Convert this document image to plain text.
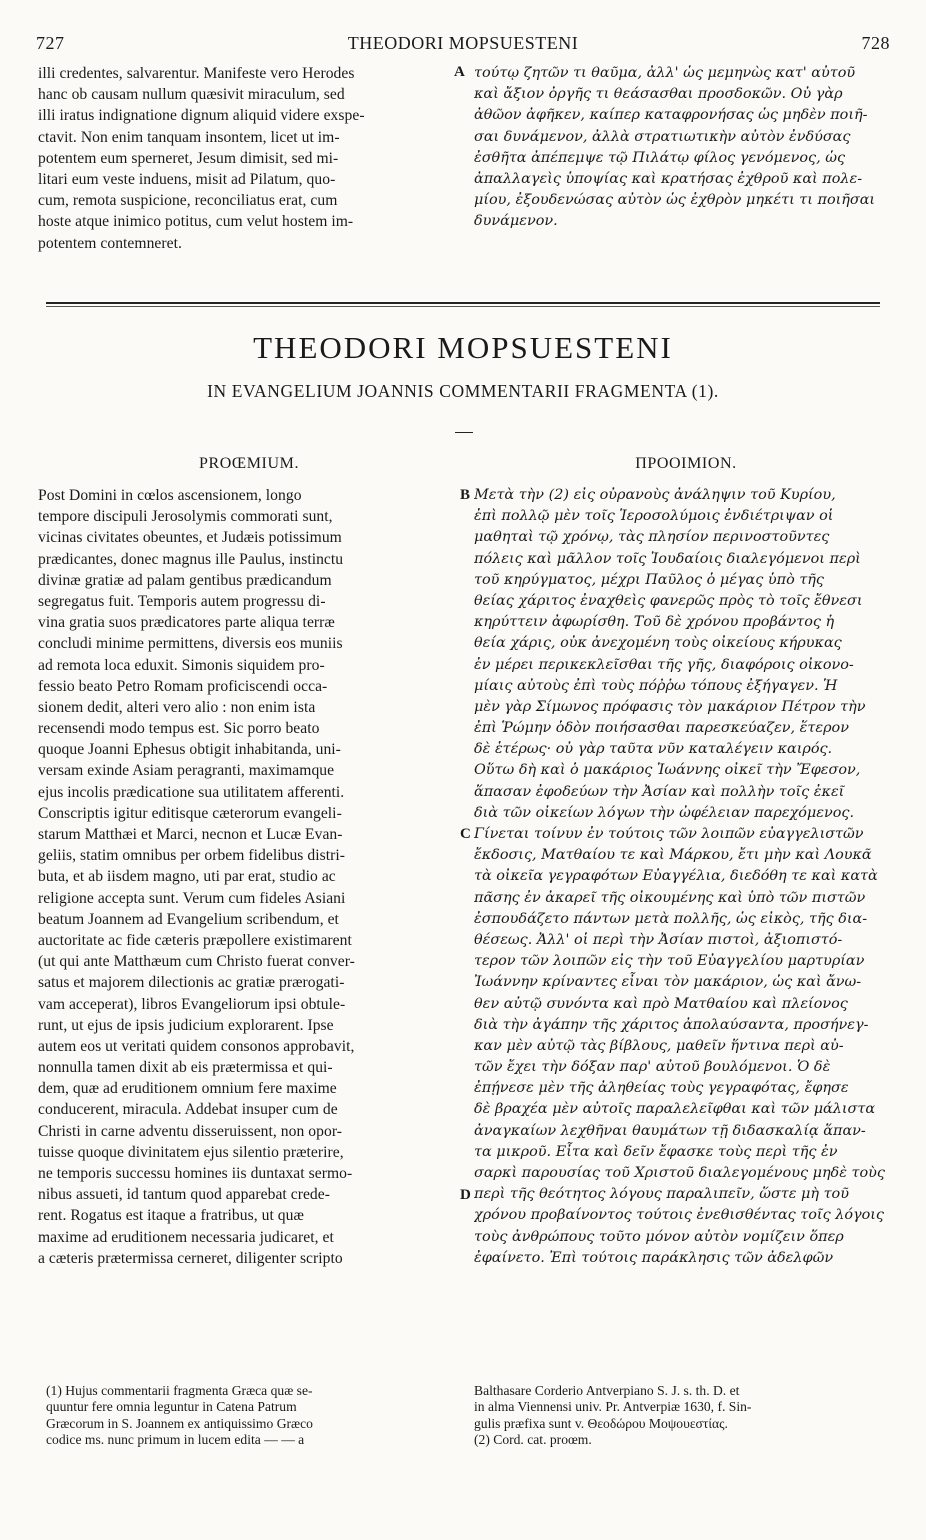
727	THEODORI MOPSUESTENI	728
illi credentes, salvarentur. Manifeste vero Herodes
hanc ob causam nullum quæsivit miraculum, sed
illi iratus indignatione dignum aliquid videre exspe-
ctavit. Non enim tanquam insontem, licet ut im-
potentem eum sperneret, Jesum dimisit, sed mi-
litari eum veste induens, misit ad Pilatum, quo-
cum, remota suspicione, reconciliatus erat, cum
hoste atque inimico potitus, cum velut hostem im-
potentem contemneret.
A τούτῳ ζητῶν τι θαῦμα, ἀλλ' ὡς μεμηνὼς κατ' αὐτοῦ
καὶ ἄξιον ὀργῆς τι θεάσασθαι προσδοκῶν. Οὐ γὰρ
ἀθῶον ἀφῆκεν, καίπερ καταφρονήσας ὡς μηδὲν ποιῆ-
σαι δυνάμενον, ἀλλὰ στρατιωτικὴν αὐτὸν ἐνδύσας
ἐσθῆτα ἀπέπεμψε τῷ Πιλάτῳ φίλος γενόμενος, ὡς
ἀπαλλαγεὶς ὑποψίας καὶ κρατήσας ἐχθροῦ καὶ πολε-
μίου, ἐξουδενώσας αὐτὸν ὡς ἐχθρὸν μηκέτι τι ποιῆσαι
δυνάμενον.
THEODORI MOPSUESTENI
IN EVANGELIUM JOANNIS COMMENTARII FRAGMENTA (1).
PROŒMIUM.	ΠΡΟΟΙΜΙΟΝ.
Post Domini in cœlos ascensionem, longo
tempore discipuli Jerosolymis commorati sunt,
vicinas civitates obeuntes, et Judæis potissimum
prædicantes, donec magnus ille Paulus, instinctu
divinæ gratiæ ad palam gentibus prædicandum
segregatus fuit. Temporis autem progressu di-
vina gratia suos prædicatores parte aliqua terræ
concludi minime permittens, diversis eos muniis
ad remota loca eduxit. Simonis siquidem pro-
fessio beato Petro Romam proficiscendi occa-
sionem dedit, alteri vero alio : non enim ista
recensendi modo tempus est. Sic porro beato
quoque Joanni Ephesus obtigit inhabitanda, uni-
versam exinde Asiam peragranti, maximamque
ejus incolis prædicatione sua utilitatem afferenti.
Conscriptis igitur editisque cæterorum evangeli-
starum Matthæi et Marci, necnon et Lucæ Evan-
geliis, statim omnibus per orbem fidelibus distri-
buta, et ab iisdem magno, uti par erat, studio ac
religione accepta sunt. Verum cum fideles Asiani
beatum Joannem ad Evangelium scribendum, et
auctoritate ac fide cæteris præpollere existimarent
(ut qui ante Matthæum cum Christo fuerat conver-
satus et majorem dilectionis ac gratiæ prærogati-
vam acceperat), libros Evangeliorum ipsi obtule-
runt, ut ejus de ipsis judicium explorarent. Ipse
autem eos ut veritati quidem consonos approbavit,
nonnulla tamen dixit ab eis prætermissa et qui-
dem, quæ ad eruditionem omnium fere maxime
conducerent, miracula. Addebat insuper cum de
Christi in carne adventu disseruissent, non opor-
tuisse quoque divinitatem ejus silentio præterire,
ne temporis successu homines iis duntaxat sermo-
nibus assueti, id tantum quod apparebat crede-
rent. Rogatus est itaque a fratribus, ut quæ
maxime ad eruditionem necessaria judicaret, et
a cæteris prætermissa cerneret, diligenter scripto
B
C
D
Μετὰ τὴν (2) εἰς οὐρανοὺς ἀνάληψιν τοῦ Κυρίου,
ἐπὶ πολλῷ μὲν τοῖς Ἱεροσολύμοις ἐνδιέτριψαν οἱ
μαθηταὶ τῷ χρόνῳ, τὰς πλησίον περινοστοῦντες
πόλεις καὶ μᾶλλον τοῖς Ἰουδαίοις διαλεγόμενοι περὶ
τοῦ κηρύγματος, μέχρι Παῦλος ὁ μέγας ὑπὸ τῆς
θείας χάριτος ἐναχθεὶς φανερῶς πρὸς τὸ τοῖς ἔθνεσι
κηρύττειν ἀφωρίσθη. Τοῦ δὲ χρόνου προβάντος ἡ
θεία χάρις, οὐκ ἀνεχομένη τοὺς οἰκείους κήρυκας
ἐν μέρει περικεκλεῖσθαι τῆς γῆς, διαφόροις οἰκονο-
μίαις αὐτοὺς ἐπὶ τοὺς πόῤῥω τόπους ἐξήγαγεν. Ἡ
μὲν γὰρ Σίμωνος πρόφασις τὸν μακάριον Πέτρον τὴν
ἐπὶ Ῥώμην ὁδὸν ποιήσασθαι παρεσκεύαζεν, ἕτερον
δὲ ἑτέρως· οὐ γὰρ ταῦτα νῦν καταλέγειν καιρός.
Οὕτω δὴ καὶ ὁ μακάριος Ἰωάννης οἰκεῖ τὴν Ἔφεσον,
ἅπασαν ἐφοδεύων τὴν Ἀσίαν καὶ πολλὴν τοῖς ἐκεῖ
διὰ τῶν οἰκείων λόγων τὴν ὠφέλειαν παρεχόμενος.
Γίνεται τοίνυν ἐν τούτοις τῶν λοιπῶν εὐαγγελιστῶν
ἔκδοσις, Ματθαίου τε καὶ Μάρκου, ἔτι μὴν καὶ Λουκᾶ
τὰ οἰκεῖα γεγραφότων Εὐαγγέλια, διεδόθη τε καὶ κατὰ
πᾶσης ἐν ἀκαρεῖ τῆς οἰκουμένης καὶ ὑπὸ τῶν πιστῶν
ἐσπουδάζετο πάντων μετὰ πολλῆς, ὡς εἰκὸς, τῆς δια-
θέσεως. Ἀλλ' οἱ περὶ τὴν Ἀσίαν πιστοὶ, ἀξιοπιστό-
τερον τῶν λοιπῶν εἰς τὴν τοῦ Εὐαγγελίου μαρτυρίαν
Ἰωάννην κρίναντες εἶναι τὸν μακάριον, ὡς καὶ ἄνω-
θεν αὐτῷ συνόντα καὶ πρὸ Ματθαίου καὶ πλείονος
διὰ τὴν ἀγάπην τῆς χάριτος ἀπολαύσαντα, προσήνεγ-
καν μὲν αὐτῷ τὰς βίβλους, μαθεῖν ἥντινα περὶ αὐ-
τῶν ἔχει τὴν δόξαν παρ' αὐτοῦ βουλόμενοι. Ὁ δὲ
ἐπῄνεσε μὲν τῆς ἀληθείας τοὺς γεγραφότας, ἔφησε
δὲ βραχέα μὲν αὐτοῖς παραλελεῖφθαι καὶ τῶν μάλιστα
ἀναγκαίων λεχθῆναι θαυμάτων τῇ διδασκαλίᾳ ἅπαν-
τα μικροῦ. Εἶτα καὶ δεῖν ἔφασκε τοὺς περὶ τῆς ἐν
σαρκὶ παρουσίας τοῦ Χριστοῦ διαλεγομένους μηδὲ τοὺς
περὶ τῆς θεότητος λόγους παραλιπεῖν, ὥστε μὴ τοῦ
χρόνου προβαίνοντος τούτοις ἐνεθισθέντας τοῖς λόγοις
τοὺς ἀνθρώπους τοῦτο μόνον αὐτὸν νομίζειν ὅπερ
ἐφαίνετο. Ἐπὶ τούτοις παράκλησις τῶν ἀδελφῶν
(1) Hujus commentarii fragmenta Græca quæ se-
quuntur fere omnia leguntur in Catena Patrum
Græcorum in S. Joannem ex antiquissimo Græco
codice ms. nunc primum in lucem edita — — a
Balthasare Corderio Antverpiano S. J. s. th. D. et
in alma Viennensi univ. Pr. Antverpiæ 1630, f. Sin-
gulis præfixa sunt v. Θεοδώρου Μοψουεστίας.
(2) Cord. cat. proœm.
